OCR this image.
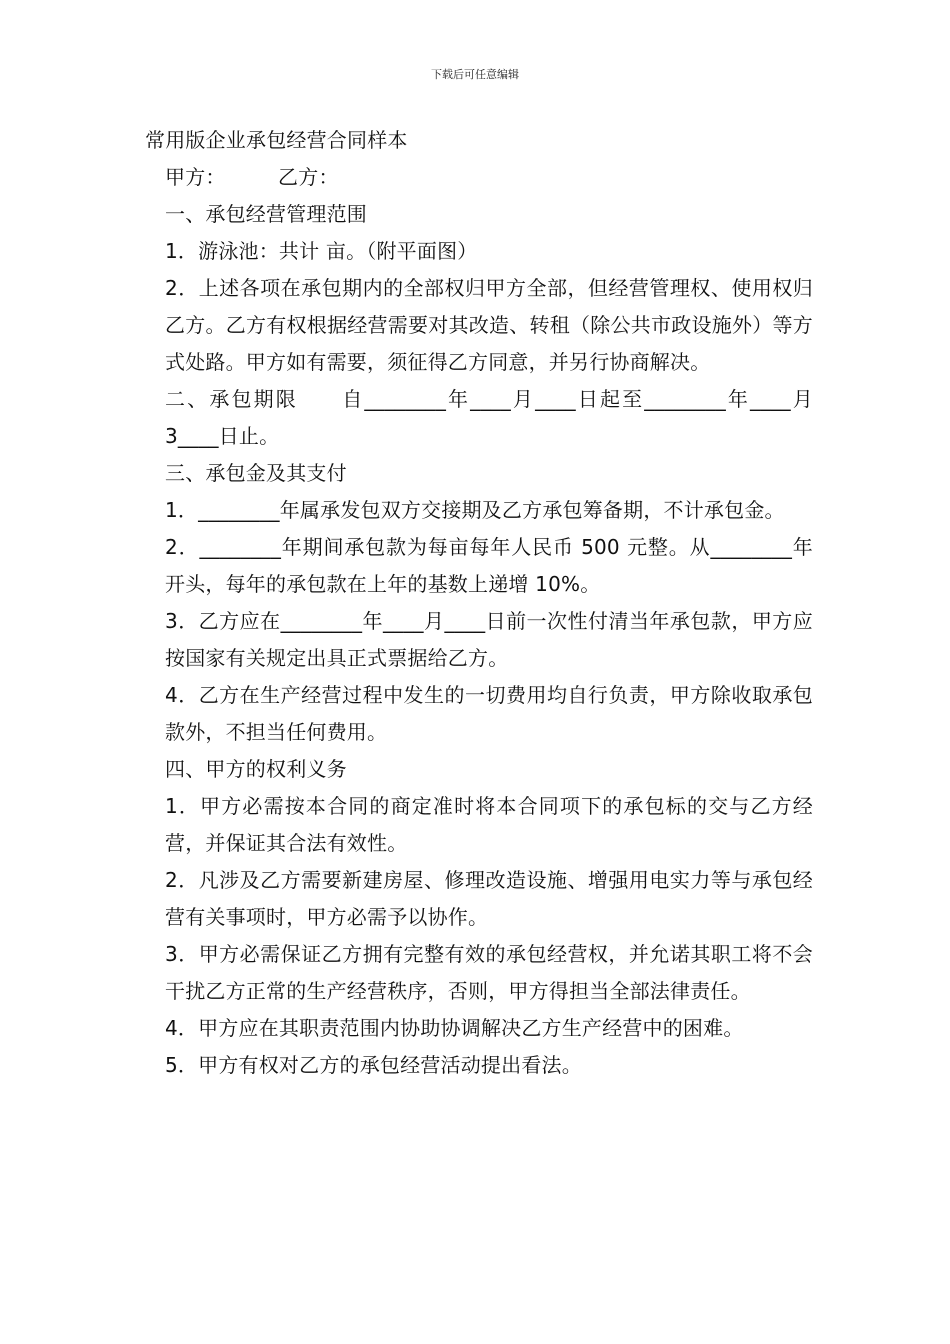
下载后可任意编辑

常用版企业承包经营合同样本

甲方：        乙方：

一、承包经营管理范围

1．游泳池：共计 亩。（附平面图）

2．上述各项在承包期内的全部权归甲方全部，但经营管理权、使用权归乙方。乙方有权根据经营需要对其改造、转租（除公共市政设施外）等方式处路。甲方如有需要，须征得乙方同意，并另行协商解决。

二、承包期限　　自________年____月____日起至________年____月 3____日止。

三、承包金及其支付

1．________年属承发包双方交接期及乙方承包筹备期，不计承包金。

2．________年期间承包款为每亩每年人民币 500 元整。从________年开头，每年的承包款在上年的基数上递增 10%。

3．乙方应在________年____月____日前一次性付清当年承包款，甲方应按国家有关规定出具正式票据给乙方。

4．乙方在生产经营过程中发生的一切费用均自行负责，甲方除收取承包款外，不担当任何费用。

四、甲方的权利义务

1．甲方必需按本合同的商定准时将本合同项下的承包标的交与乙方经营，并保证其合法有效性。

2．凡涉及乙方需要新建房屋、修理改造设施、增强用电实力等与承包经营有关事项时，甲方必需予以协作。

3．甲方必需保证乙方拥有完整有效的承包经营权，并允诺其职工将不会干扰乙方正常的生产经营秩序，否则，甲方得担当全部法律责任。

4．甲方应在其职责范围内协助协调解决乙方生产经营中的困难。

5．甲方有权对乙方的承包经营活动提出看法。
